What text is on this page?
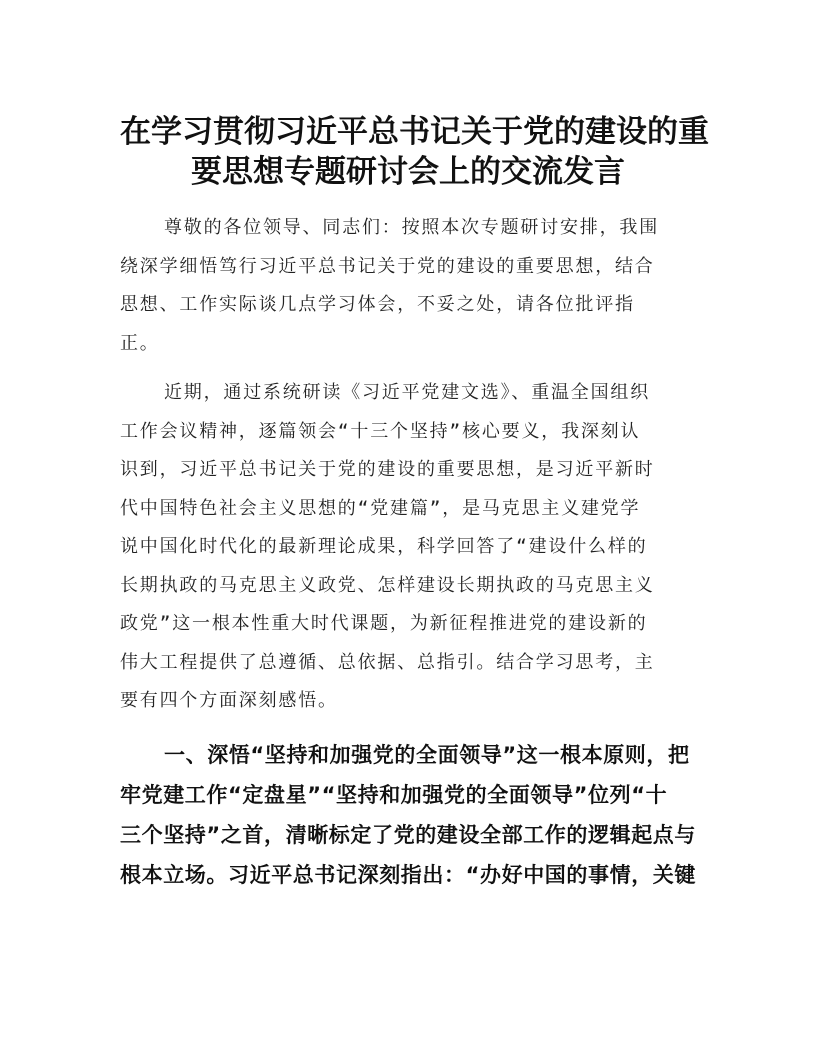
在学习贯彻习近平总书记关于党的建设的重
要思想专题研讨会上的交流发言

尊敬的各位领导、同志们：按照本次专题研讨安排，我围
绕深学细悟笃行习近平总书记关于党的建设的重要思想，结合
思想、工作实际谈几点学习体会，不妥之处，请各位批评指
正。

近期，通过系统研读《习近平党建文选》、重温全国组织
工作会议精神，逐篇领会“十三个坚持”核心要义，我深刻认
识到，习近平总书记关于党的建设的重要思想，是习近平新时
代中国特色社会主义思想的“党建篇”，是马克思主义建党学
说中国化时代化的最新理论成果，科学回答了“建设什么样的
长期执政的马克思主义政党、怎样建设长期执政的马克思主义
政党”这一根本性重大时代课题，为新征程推进党的建设新的
伟大工程提供了总遵循、总依据、总指引。结合学习思考，主
要有四个方面深刻感悟。

一、深悟“坚持和加强党的全面领导”这一根本原则，把
牢党建工作“定盘星”“坚持和加强党的全面领导”位列“十
三个坚持”之首，清晰标定了党的建设全部工作的逻辑起点与
根本立场。习近平总书记深刻指出：“办好中国的事情，关键
